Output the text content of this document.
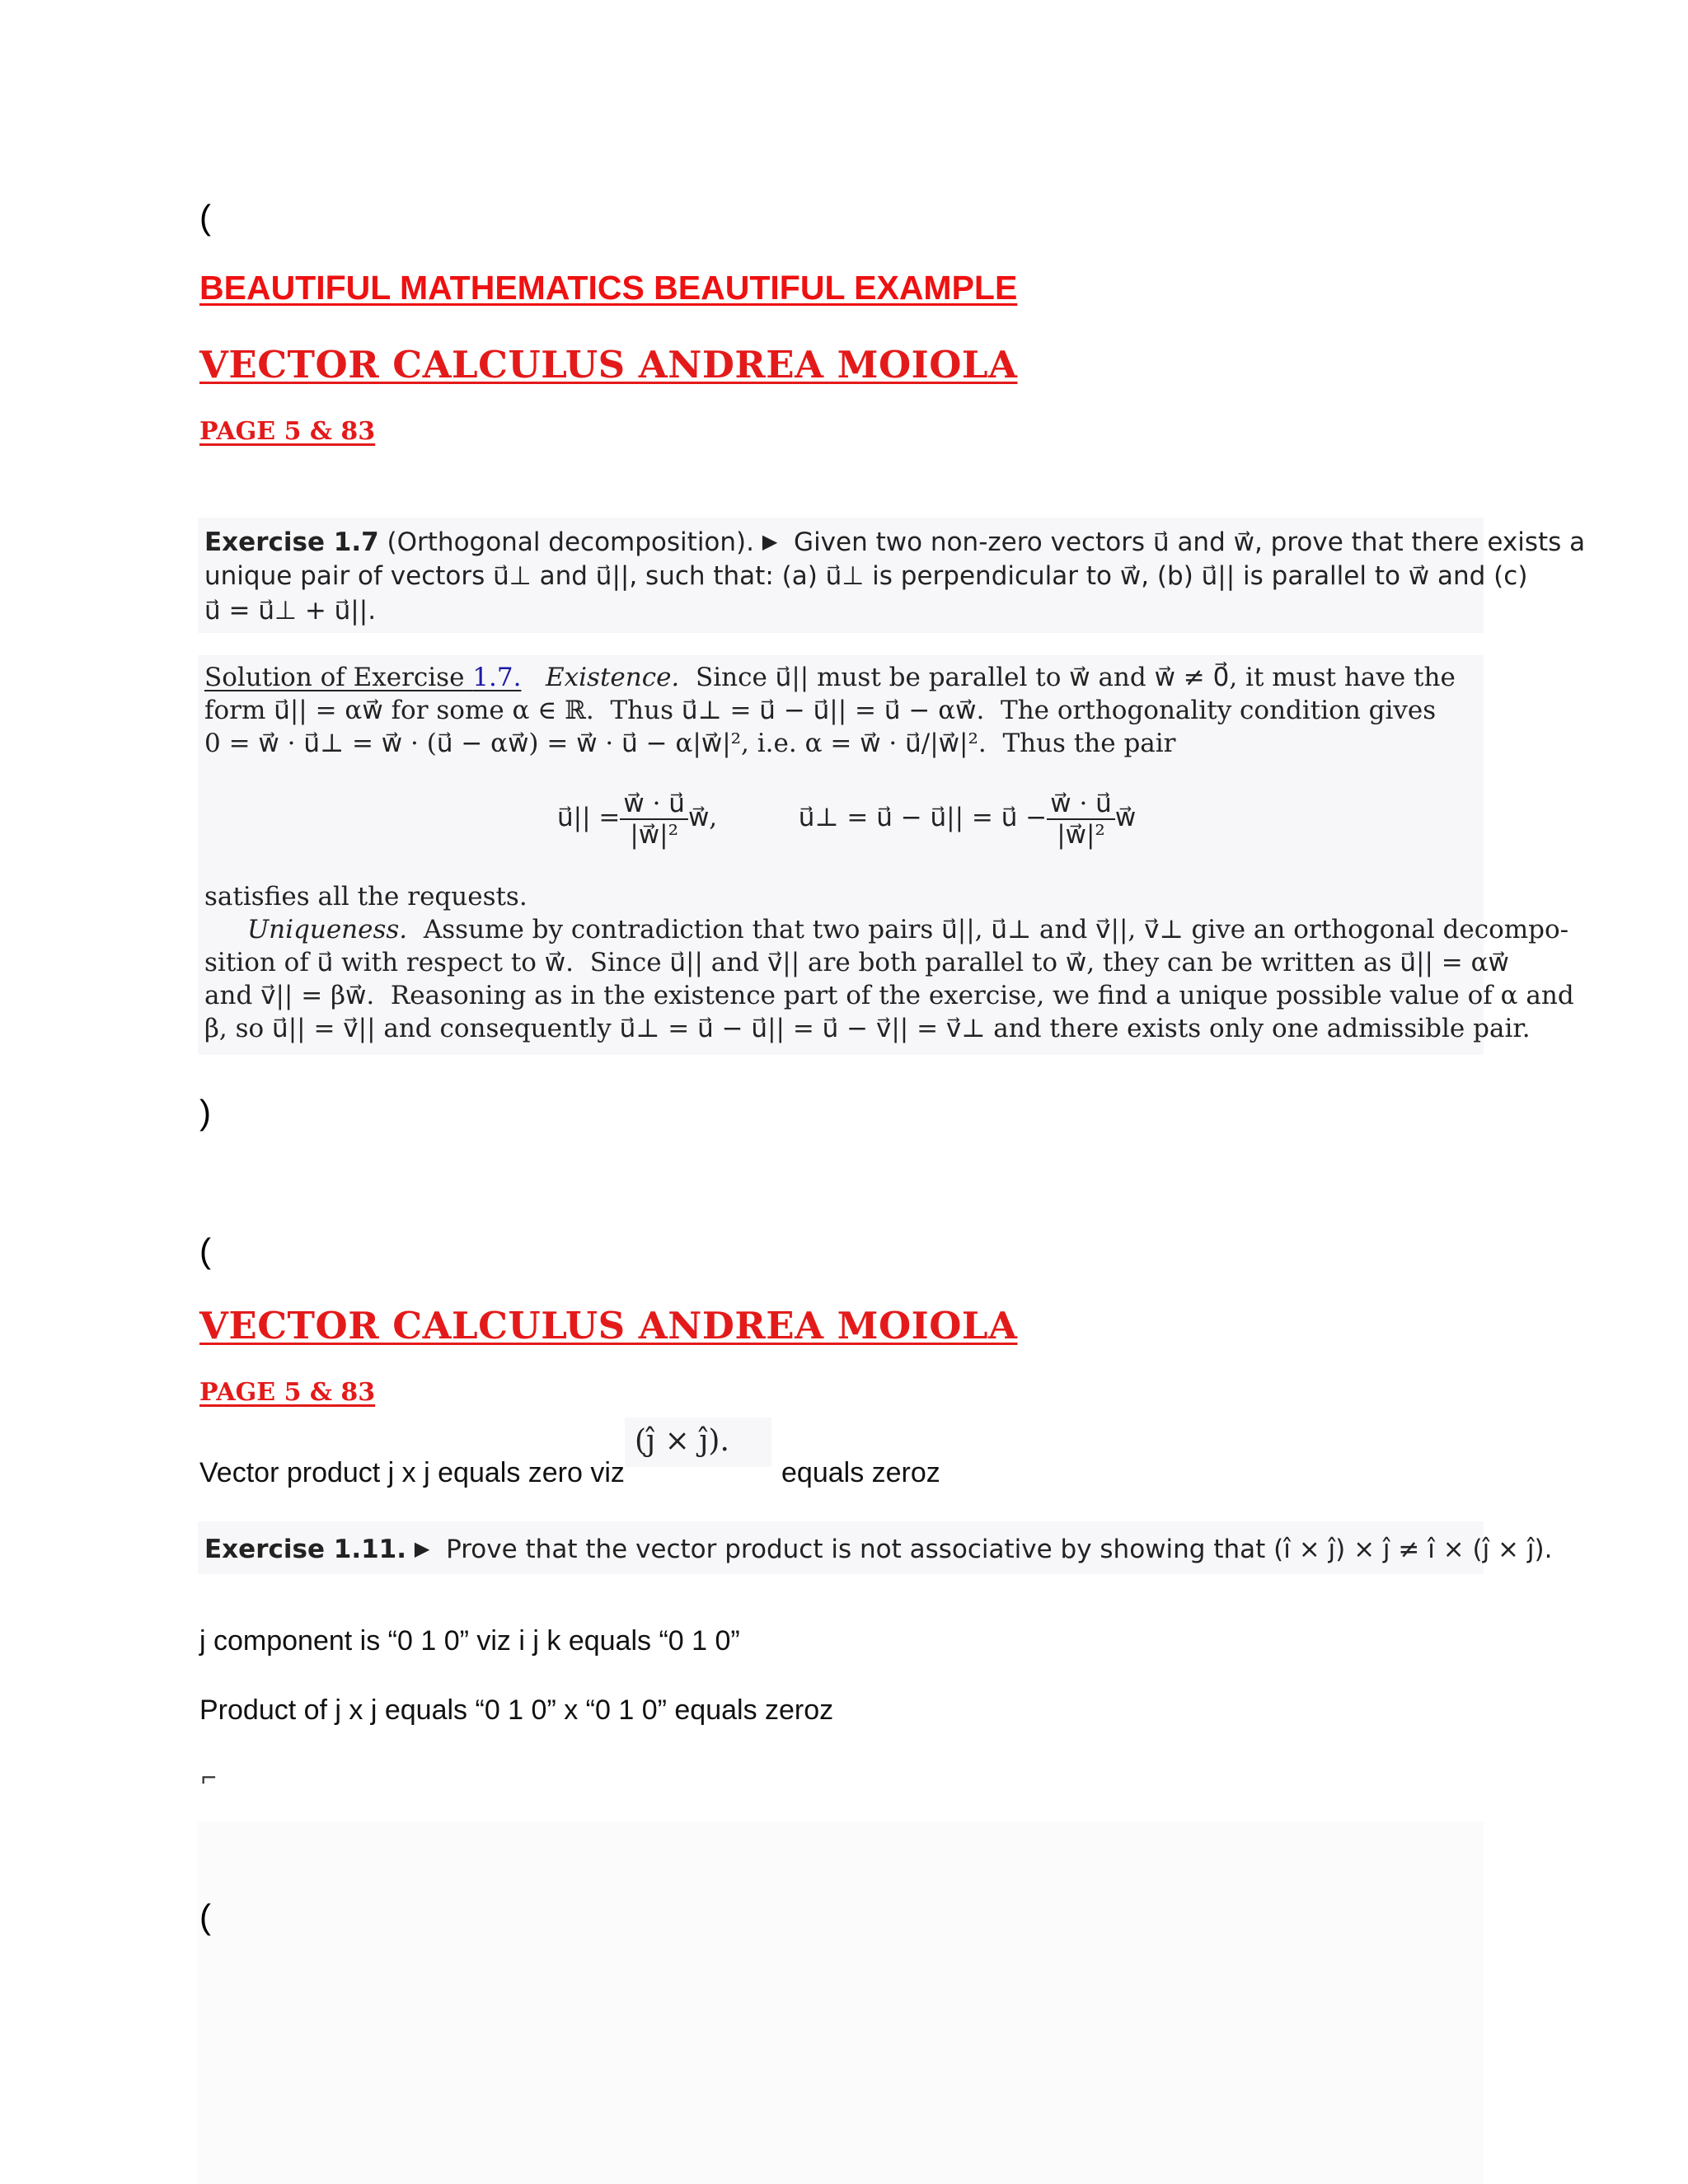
(
BEAUTIFUL MATHEMATICS BEAUTIFUL EXAMPLE
VECTOR CALCULUS ANDREA MOIOLA
PAGE 5 & 83
Exercise 1.7 (Orthogonal decomposition). ▶ Given two non-zero vectors u⃗ and w⃗, prove that there exists a
unique pair of vectors u⃗⊥ and u⃗||, such that: (a) u⃗⊥ is perpendicular to w⃗, (b) u⃗|| is parallel to w⃗ and (c)
u⃗ = u⃗⊥ + u⃗||.
Solution of Exercise 1.7. Existence. Since u⃗|| must be parallel to w⃗ and w⃗ ≠ 0⃗, it must have the
form u⃗|| = αw⃗ for some α ∈ ℝ.  Thus u⃗⊥ = u⃗ − u⃗|| = u⃗ − αw⃗.  The orthogonality condition gives
0 = w⃗ · u⃗⊥ = w⃗ · (u⃗ − αw⃗) = w⃗ · u⃗ − α|w⃗|², i.e. α = w⃗ · u⃗/|w⃗|².  Thus the pair
u⃗|| = $\frac{w⃗ \cdot u⃗}{\text{|w⃗|²}}$ w⃗,	u⃗⊥ = u⃗ − u⃗|| = u⃗ − $\frac{w⃗ \cdot u⃗}{\text{|w⃗|²}}$ w⃗
satisfies all the requests.
Uniqueness. Assume by contradiction that two pairs u⃗||, u⃗⊥ and v⃗||, v⃗⊥ give an orthogonal decompo-
sition of u⃗ with respect to w⃗.  Since u⃗|| and v⃗|| are both parallel to w⃗, they can be written as u⃗|| = αw⃗
and v⃗|| = βw⃗.  Reasoning as in the existence part of the exercise, we find a unique possible value of α and
β, so u⃗|| = v⃗|| and consequently u⃗⊥ = u⃗ − u⃗|| = u⃗ − v⃗|| = v⃗⊥ and there exists only one admissible pair.
)
(
VECTOR CALCULUS ANDREA MOIOLA
PAGE 5 & 83
(ĵ × ĵ).
Vector product j x j equals zero viz	equals zeroz
Exercise 1.11. ▶ Prove that the vector product is not associative by showing that (ı̂ × ȷ̂) × ȷ̂ ≠ ı̂ × (ȷ̂ × ȷ̂).
j component is “0 1 0” viz i j k equals “0 1 0”
Product of j x j equals “0 1 0” x “0 1 0” equals zeroz
⌐
(
